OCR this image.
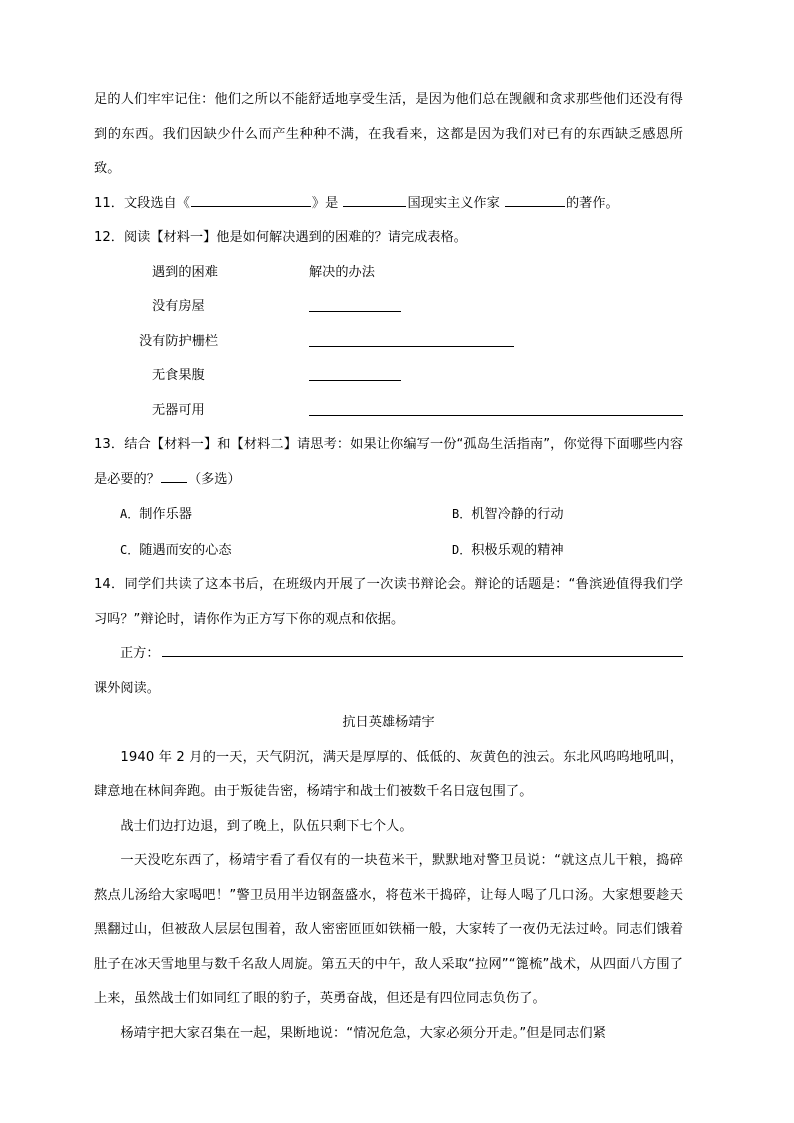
足的人们牢牢记住：他们之所以不能舒适地享受生活，是因为他们总在觊觎和贪求那些他们还没有得到的东西。我们因缺少什么而产生种种不满，在我看来，这都是因为我们对已有的东西缺乏感恩所致。

11．文段选自《	》是	国现实主义作家	的著作。

12．阅读【材料一】他是如何解决遇到的困难的？请完成表格。

遇到的困难	解决的办法
没有房屋	
没有防护栅栏	
无食果腹	
无器可用	

13．结合【材料一】和【材料二】请思考：如果让你编写一份“孤岛生活指南”，你觉得下面哪些内容是必要的？ （多选）

A．制作乐器	B．机智冷静的行动
C．随遇而安的心态	D．积极乐观的精神

14．同学们共读了这本书后，在班级内开展了一次读书辩论会。辩论的话题是：“鲁滨逊值得我们学习吗？”辩论时，请你作为正方写下你的观点和依据。

正方：

课外阅读。

抗日英雄杨靖宇

1940 年 2 月的一天，天气阴沉，满天是厚厚的、低低的、灰黄色的浊云。东北风呜呜地吼叫，肆意地在林间奔跑。由于叛徒告密，杨靖宇和战士们被数千名日寇包围了。

战士们边打边退，到了晚上，队伍只剩下七个人。

一天没吃东西了，杨靖宇看了看仅有的一块苞米干，默默地对警卫员说：“就这点儿干粮，捣碎熬点儿汤给大家喝吧！”警卫员用半边钢盔盛水，将苞米干捣碎，让每人喝了几口汤。大家想要趁天黑翻过山，但被敌人层层包围着，敌人密密匝匝如铁桶一般，大家转了一夜仍无法过岭。同志们饿着肚子在冰天雪地里与数千名敌人周旋。第五天的中午，敌人采取“拉网”“篦梳”战术，从四面八方围了上来，虽然战士们如同红了眼的豹子，英勇奋战，但还是有四位同志负伤了。

杨靖宇把大家召集在一起，果断地说：“情况危急，大家必须分开走。”但是同志们紧
